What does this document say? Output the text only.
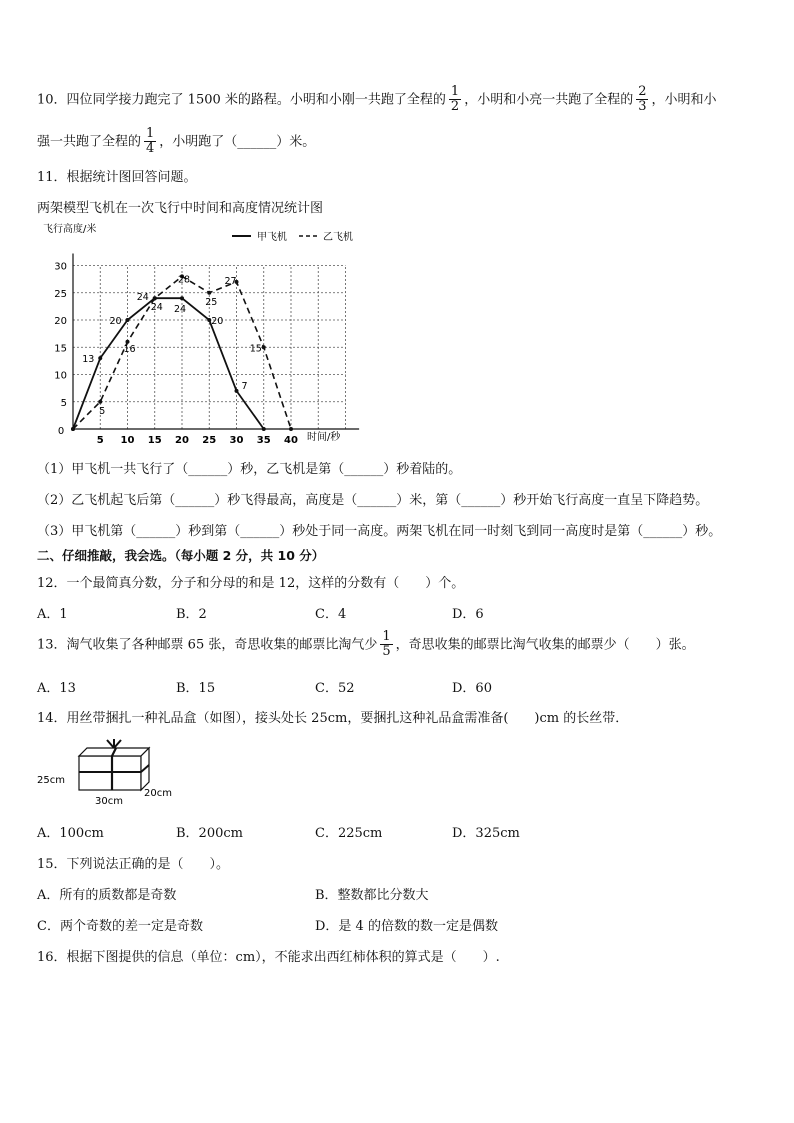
10．四位同学接力跑完了 1500 米的路程。小明和小刚一共跑了全程的 $\frac{1}{2}$ ，小明和小亮一共跑了全程的 $\frac{2}{3}$ ，小明和小
强一共跑了全程的 $\frac{1}{4}$ ，小明跑了（______）米。
11．根据统计图回答问题。
两架模型飞机在一次飞行中时间和高度情况统计图
飞行高度/米
时间/秒
0
5 10 15 20 25 30 35 40
5
10
15
20
25
30
13
20
24
24
20
7
5
16
24
28
25
27
15
甲飞机	乙飞机
（1）甲飞机一共飞行了（______）秒，乙飞机是第（______）秒着陆的。
（2）乙飞机起飞后第（______）秒飞得最高，高度是（______）米，第（______）秒开始飞行高度一直呈下降趋势。
（3）甲飞机第（______）秒到第（______）秒处于同一高度。两架飞机在同一时刻飞到同一高度时是第（______）秒。
二、仔细推敲，我会选。（每小题 2 分，共 10 分）
12．一个最简真分数，分子和分母的和是 12，这样的分数有（　　）个。
A．1	B．2	C．4	D．6
13．淘气收集了各种邮票 65 张，奇思收集的邮票比淘气少 $\frac{1}{5}$ ，奇思收集的邮票比淘气收集的邮票少（　　）张。
A．13	B．15	C．52	D．60
14．用丝带捆扎一种礼品盒（如图），接头处长 25cm，要捆扎这种礼品盒需准备(　　)cm 的长丝带．
25cm
30cm
20cm
A．100cm	B．200cm	C．225cm	D．325cm
15．下列说法正确的是（　　）。
A．所有的质数都是奇数	B．整数都比分数大
C．两个奇数的差一定是奇数	D．是 4 的倍数的数一定是偶数
16．根据下图提供的信息（单位：cm），不能求出西红柿体积的算式是（　　）.
